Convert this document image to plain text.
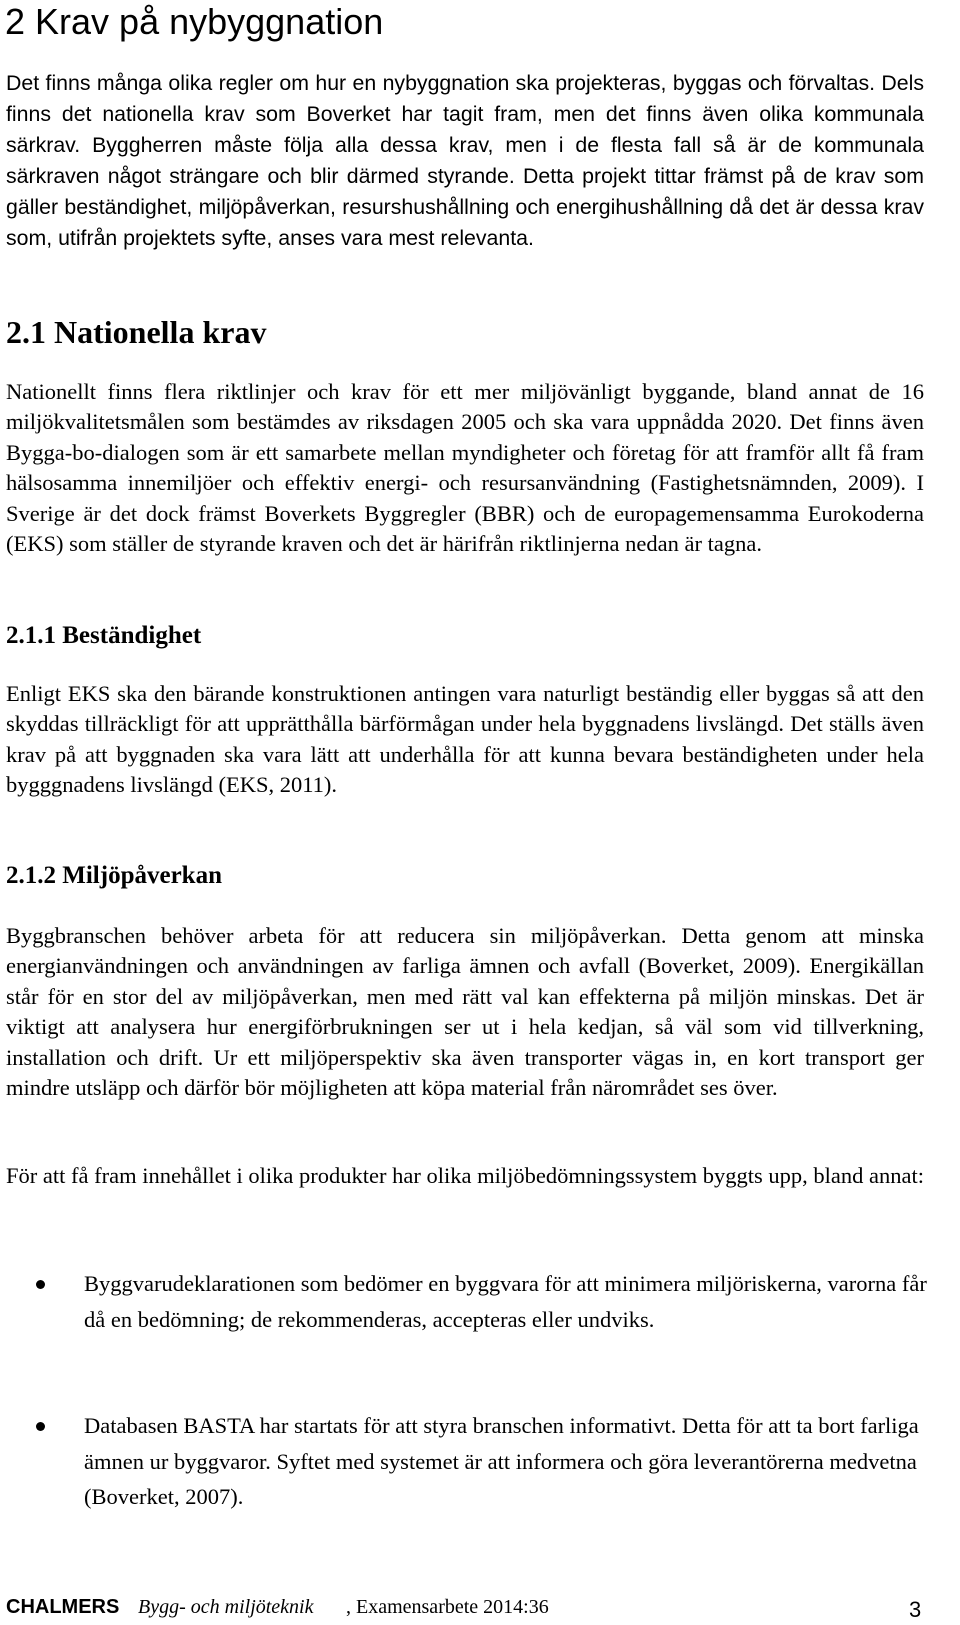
2 Krav på nybyggnation

Det finns många olika regler om hur en nybyggnation ska projekteras, byggas och förvaltas. Dels finns det nationella krav som Boverket har tagit fram, men det finns även olika kommunala särkrav. Byggherren måste följa alla dessa krav, men i de flesta fall så är de kommunala särkraven något strängare och blir därmed styrande. Detta projekt tittar främst på de krav som gäller beständighet, miljöpåverkan, resurshushållning och energihushållning då det är dessa krav som, utifrån projektets syfte, anses vara mest relevanta.

2.1 Nationella krav

Nationellt finns flera riktlinjer och krav för ett mer miljövänligt byggande, bland annat de 16 miljökvalitetsmålen som bestämdes av riksdagen 2005 och ska vara uppnådda 2020. Det finns även Bygga-bo-dialogen som är ett samarbete mellan myndigheter och företag för att framför allt få fram hälsosamma innemiljöer och effektiv energi- och resursanvändning (Fastighetsnämnden, 2009). I Sverige är det dock främst Boverkets Byggregler (BBR) och de europagemensamma Eurokoderna (EKS) som ställer de styrande kraven och det är härifrån riktlinjerna nedan är tagna.

2.1.1 Beständighet

Enligt EKS ska den bärande konstruktionen antingen vara naturligt beständig eller byggas så att den skyddas tillräckligt för att upprätthålla bärförmågan under hela byggnadens livslängd. Det ställs även krav på att byggnaden ska vara lätt att underhålla för att kunna bevara beständigheten under hela bygggnadens livslängd (EKS, 2011).

2.1.2 Miljöpåverkan

Byggbranschen behöver arbeta för att reducera sin miljöpåverkan. Detta genom att minska energianvändningen och användningen av farliga ämnen och avfall (Boverket, 2009). Energikällan står för en stor del av miljöpåverkan, men med rätt val kan effekterna på miljön minskas. Det är viktigt att analysera hur energiförbrukningen ser ut i hela kedjan, så väl som vid tillverkning, installation och drift. Ur ett miljöperspektiv ska även transporter vägas in, en kort transport ger mindre utsläpp och därför bör möjligheten att köpa material från närområdet ses över.

För att få fram innehållet i olika produkter har olika miljöbedömningssystem byggts upp, bland annat:

Byggvarudeklarationen som bedömer en byggvara för att minimera miljöriskerna, varorna får då en bedömning; de rekommenderas, accepteras eller undviks.

Databasen BASTA har startats för att styra branschen informativt. Detta för att ta bort farliga ämnen ur byggvaror. Syftet med systemet är att informera och göra leverantörerna medvetna (Boverket, 2007).

CHALMERS Bygg- och miljöteknik , Examensarbete 2014:36	3
